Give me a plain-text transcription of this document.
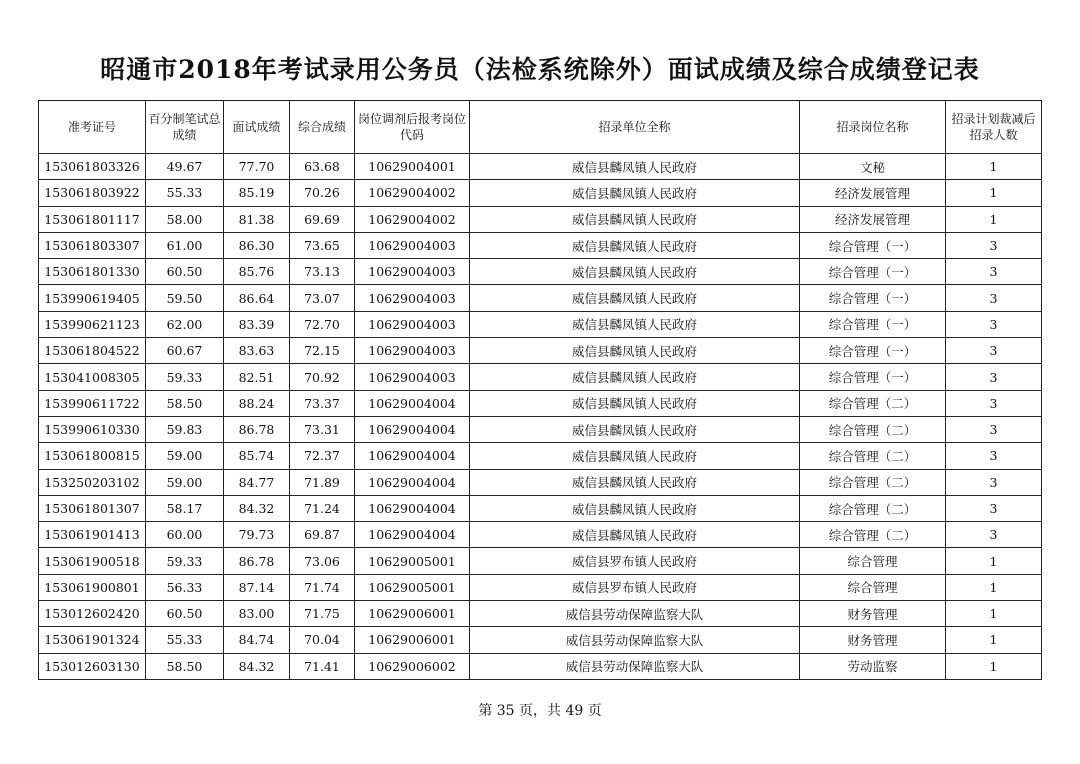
昭通市2018年考试录用公务员（法检系统除外）面试成绩及综合成绩登记表
准考证号	百分制笔试总成绩	面试成绩	综合成绩	岗位调剂后报考岗位代码	招录单位全称	招录岗位名称	招录计划裁减后招录人数
153061803326	49.67	77.70	63.68	10629004001	威信县麟凤镇人民政府	文秘	1
153061803922	55.33	85.19	70.26	10629004002	威信县麟凤镇人民政府	经济发展管理	1
153061801117	58.00	81.38	69.69	10629004002	威信县麟凤镇人民政府	经济发展管理	1
153061803307	61.00	86.30	73.65	10629004003	威信县麟凤镇人民政府	综合管理（一）	3
153061801330	60.50	85.76	73.13	10629004003	威信县麟凤镇人民政府	综合管理（一）	3
153990619405	59.50	86.64	73.07	10629004003	威信县麟凤镇人民政府	综合管理（一）	3
153990621123	62.00	83.39	72.70	10629004003	威信县麟凤镇人民政府	综合管理（一）	3
153061804522	60.67	83.63	72.15	10629004003	威信县麟凤镇人民政府	综合管理（一）	3
153041008305	59.33	82.51	70.92	10629004003	威信县麟凤镇人民政府	综合管理（一）	3
153990611722	58.50	88.24	73.37	10629004004	威信县麟凤镇人民政府	综合管理（二）	3
153990610330	59.83	86.78	73.31	10629004004	威信县麟凤镇人民政府	综合管理（二）	3
153061800815	59.00	85.74	72.37	10629004004	威信县麟凤镇人民政府	综合管理（二）	3
153250203102	59.00	84.77	71.89	10629004004	威信县麟凤镇人民政府	综合管理（二）	3
153061801307	58.17	84.32	71.24	10629004004	威信县麟凤镇人民政府	综合管理（二）	3
153061901413	60.00	79.73	69.87	10629004004	威信县麟凤镇人民政府	综合管理（二）	3
153061900518	59.33	86.78	73.06	10629005001	威信县罗布镇人民政府	综合管理	1
153061900801	56.33	87.14	71.74	10629005001	威信县罗布镇人民政府	综合管理	1
153012602420	60.50	83.00	71.75	10629006001	威信县劳动保障监察大队	财务管理	1
153061901324	55.33	84.74	70.04	10629006001	威信县劳动保障监察大队	财务管理	1
153012603130	58.50	84.32	71.41	10629006002	威信县劳动保障监察大队	劳动监察	1
第 35 页，共 49 页
